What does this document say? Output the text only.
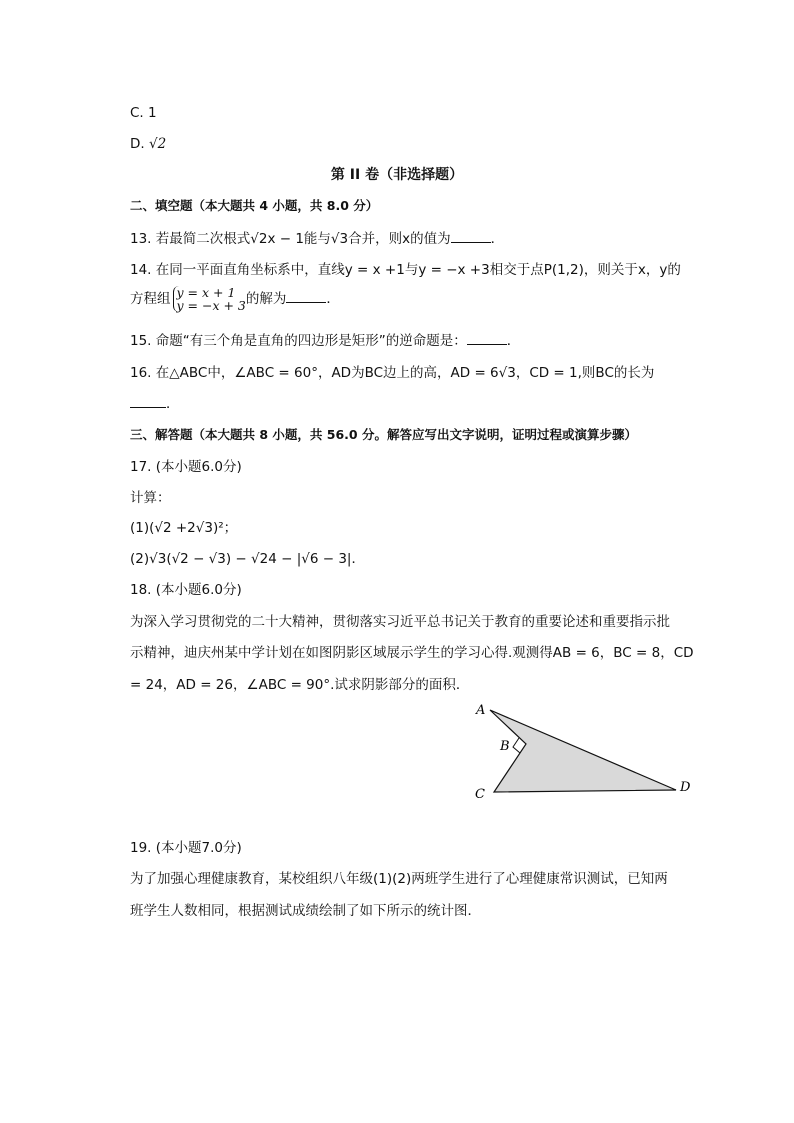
C. 1
D. √2
第 II 卷（非选择题）
二、填空题（本大题共 4 小题，共 8.0 分）
13. 若最简二次根式√2x − 1能与√3合并，则x的值为	．
14. 在同一平面直角坐标系中，直线y = x +1与y = −x +3相交于点P(1,2)，则关于x，y的
方程组 y = x + 1
y = −x + 3的解为	．
15. 命题“有三个角是直角的四边形是矩形”的逆命题是：	．
16. 在△ABC中，∠ABC = 60°，AD为BC边上的高，AD = 6√3，CD = 1,则BC的长为
．
三、解答题（本大题共 8 小题，共 56.0 分。解答应写出文字说明，证明过程或演算步骤）
17. (本小题6.0分)
计算：
(1)(√2 +2√3)²；
(2)√3(√2 − √3) − √24 − |√6 − 3|．
18. (本小题6.0分)
为深入学习贯彻党的二十大精神，贯彻落实习近平总书记关于教育的重要论述和重要指示批
示精神，迪庆州某中学计划在如图阴影区域展示学生的学习心得.观测得AB = 6，BC = 8，CD
= 24，AD = 26，∠ABC = 90°.试求阴影部分的面积．
A
B
C	D
19. (本小题7.0分)
为了加强心理健康教育，某校组织八年级(1)(2)两班学生进行了心理健康常识测试，已知两
班学生人数相同，根据测试成绩绘制了如下所示的统计图．
